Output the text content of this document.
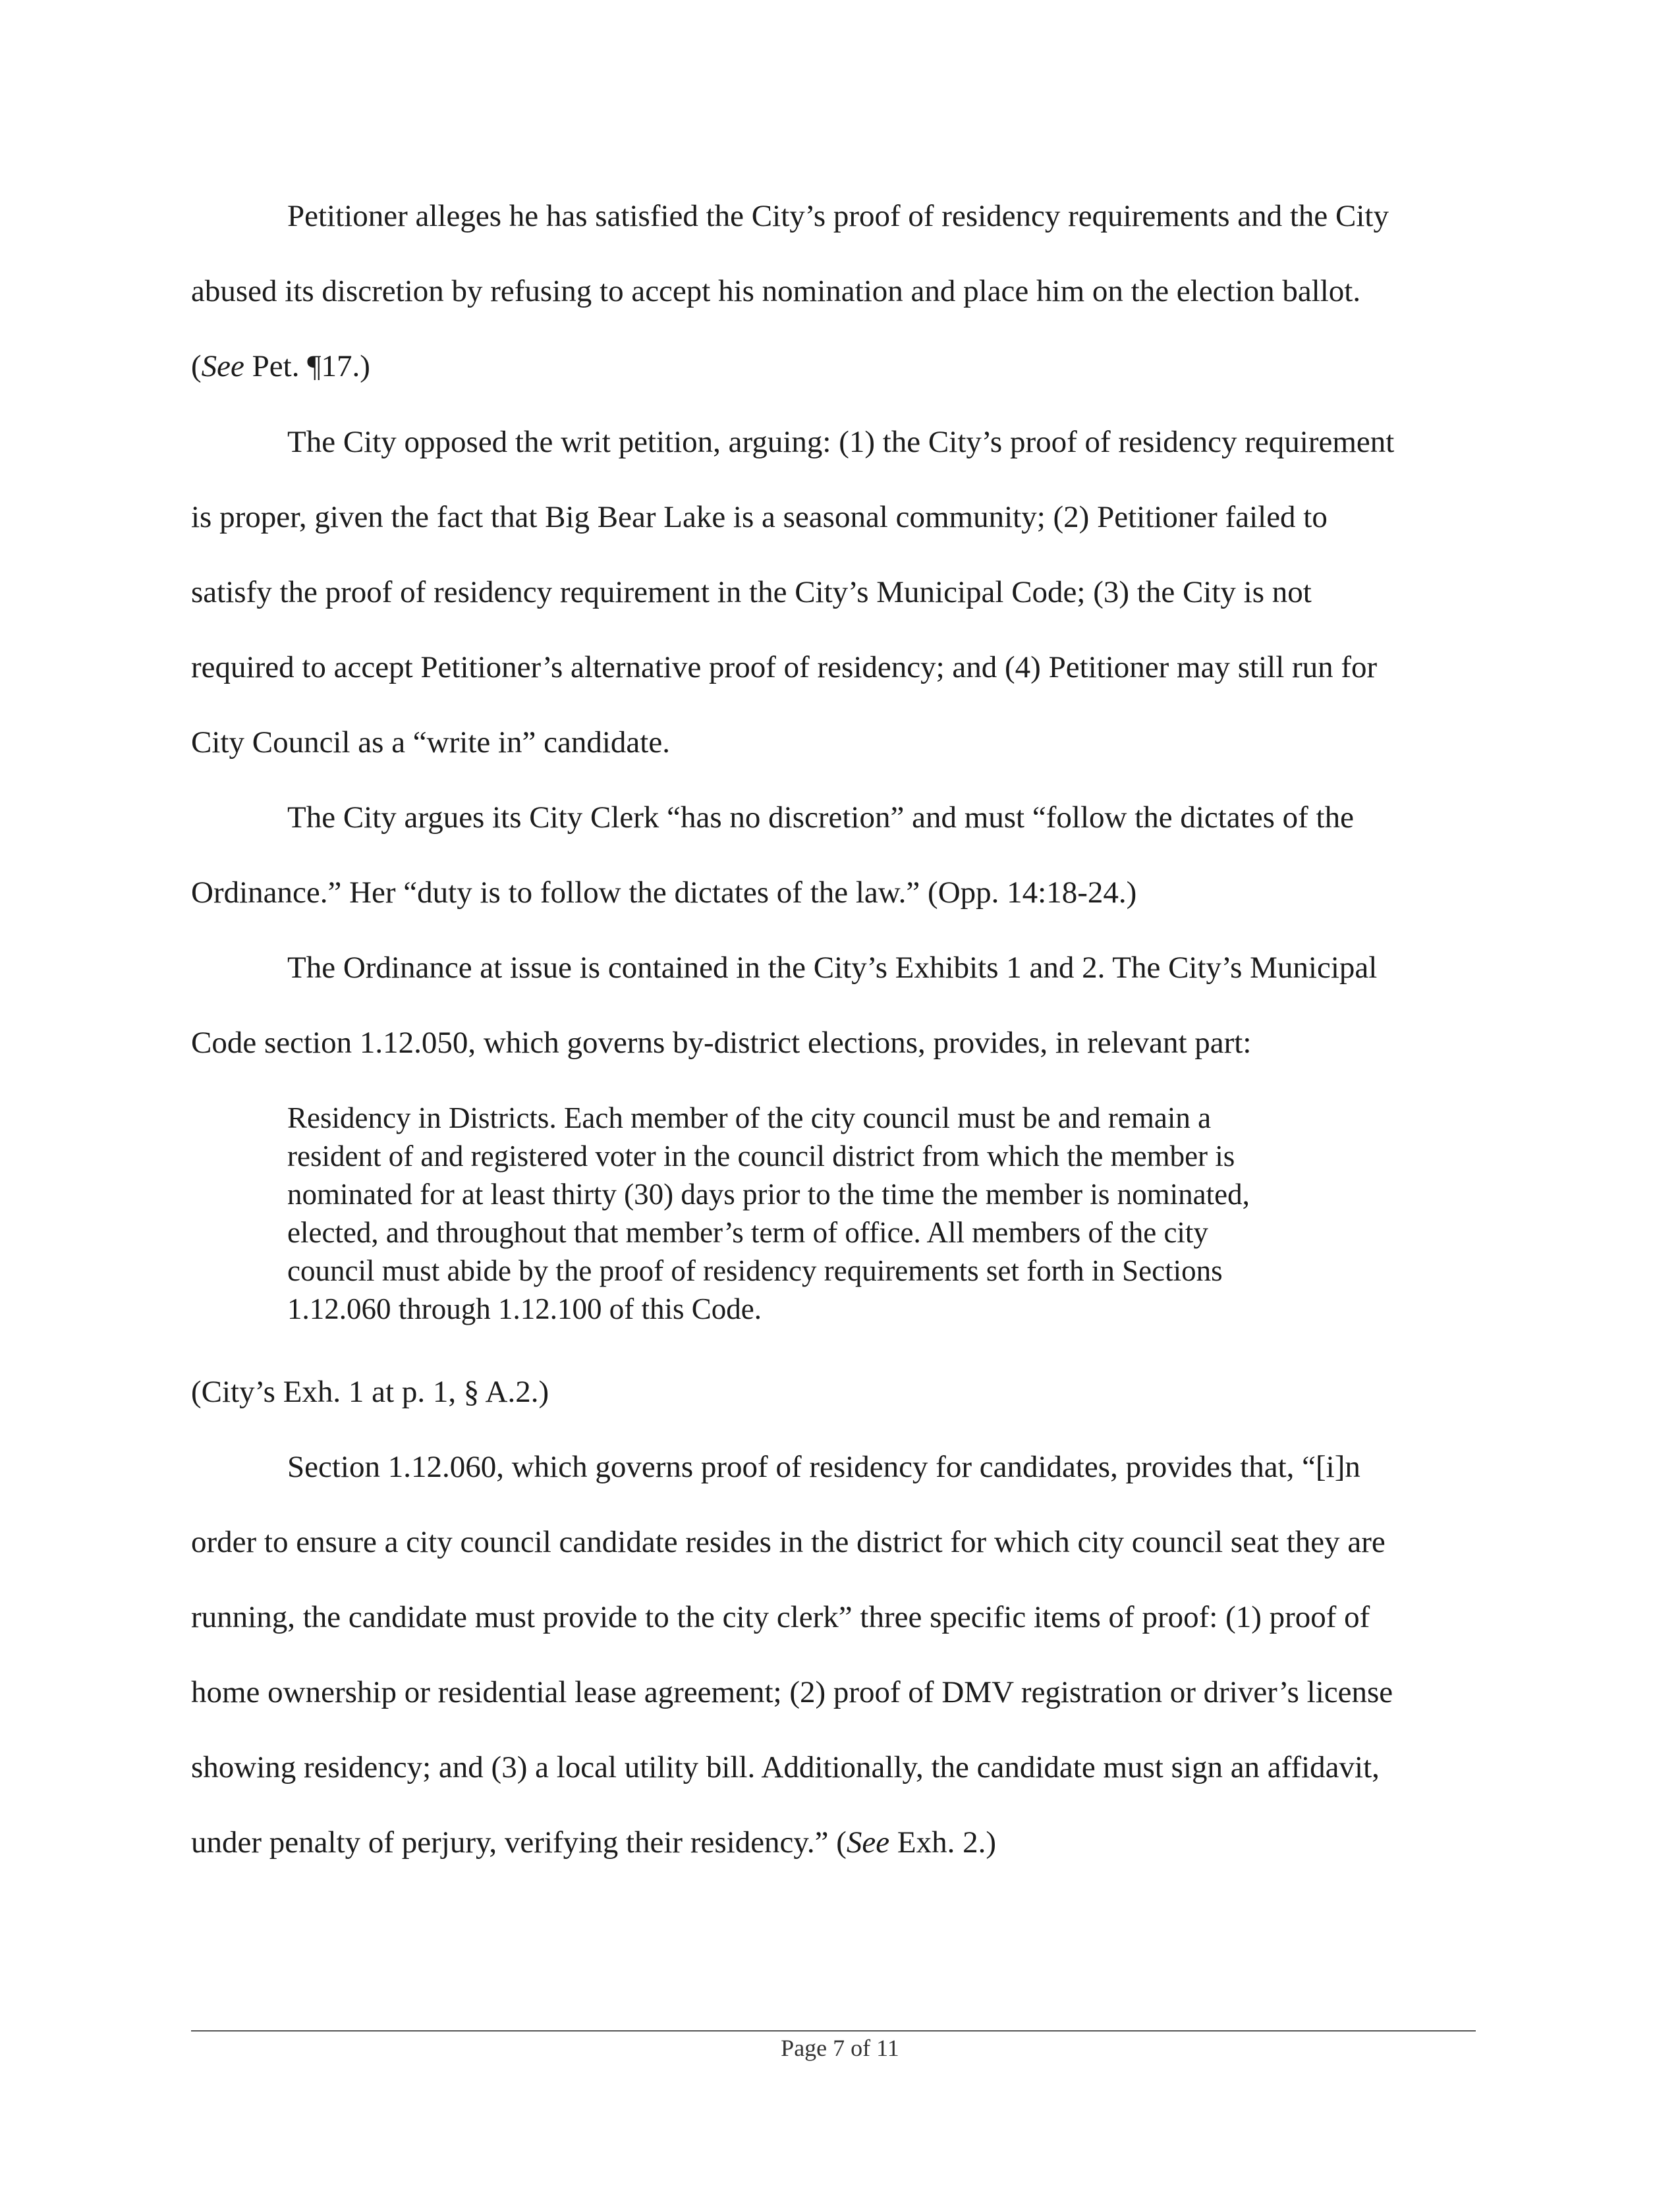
Petitioner alleges he has satisfied the City’s proof of residency requirements and the City
abused its discretion by refusing to accept his nomination and place him on the election ballot.
(See Pet. ¶17.)
The City opposed the writ petition, arguing: (1) the City’s proof of residency requirement
is proper, given the fact that Big Bear Lake is a seasonal community; (2) Petitioner failed to
satisfy the proof of residency requirement in the City’s Municipal Code; (3) the City is not
required to accept Petitioner’s alternative proof of residency; and (4) Petitioner may still run for
City Council as a “write in” candidate.
The City argues its City Clerk “has no discretion” and must “follow the dictates of the
Ordinance.” Her “duty is to follow the dictates of the law.” (Opp. 14:18-24.)
The Ordinance at issue is contained in the City’s Exhibits 1 and 2. The City’s Municipal
Code section 1.12.050, which governs by-district elections, provides, in relevant part:
Residency in Districts. Each member of the city council must be and remain a
resident of and registered voter in the council district from which the member is
nominated for at least thirty (30) days prior to the time the member is nominated,
elected, and throughout that member’s term of office. All members of the city
council must abide by the proof of residency requirements set forth in Sections
1.12.060 through 1.12.100 of this Code.
(City’s Exh. 1 at p. 1, § A.2.)
Section 1.12.060, which governs proof of residency for candidates, provides that, “[i]n
order to ensure a city council candidate resides in the district for which city council seat they are
running, the candidate must provide to the city clerk” three specific items of proof: (1) proof of
home ownership or residential lease agreement; (2) proof of DMV registration or driver’s license
showing residency; and (3) a local utility bill. Additionally, the candidate must sign an affidavit,
under penalty of perjury, verifying their residency.” (See Exh. 2.)
Page 7 of 11
